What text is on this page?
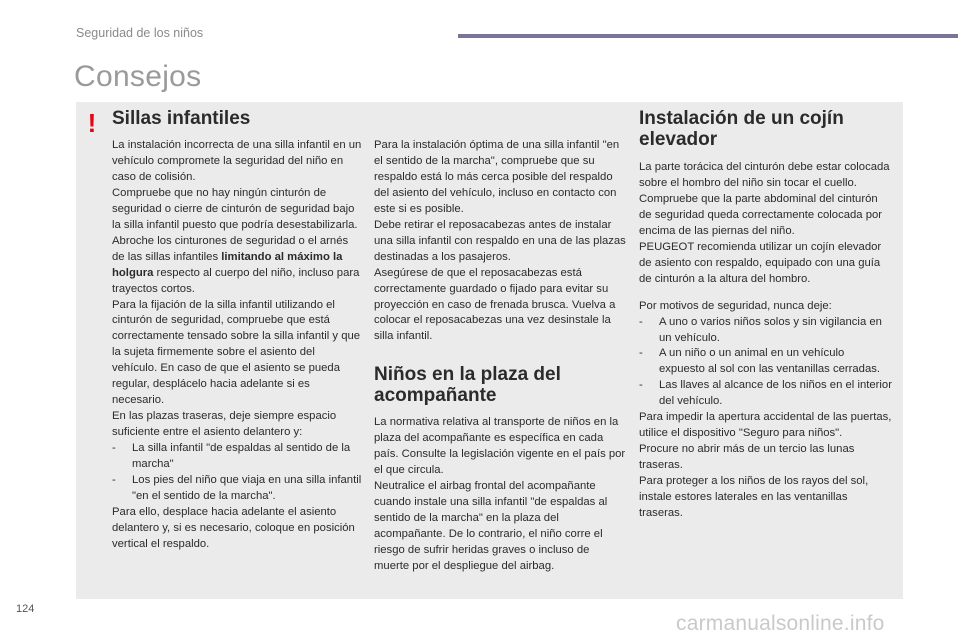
Seguridad de los niños
Consejos
! Sillas infantiles

La instalación incorrecta de una silla infantil en un vehículo compromete la seguridad del niño en caso de colisión.

Compruebe que no hay ningún cinturón de seguridad o cierre de cinturón de seguridad bajo la silla infantil puesto que podría desestabilizarla.

Abroche los cinturones de seguridad o el arnés de las sillas infantiles limitando al máximo la holgura respecto al cuerpo del niño, incluso para trayectos cortos.

Para la fijación de la silla infantil utilizando el cinturón de seguridad, compruebe que está correctamente tensado sobre la silla infantil y que la sujeta firmemente sobre el asiento del vehículo. En caso de que el asiento se pueda regular, desplácelo hacia adelante si es necesario.

En las plazas traseras, deje siempre espacio suficiente entre el asiento delantero y:

- La silla infantil "de espaldas al sentido de la marcha"
- Los pies del niño que viaja en una silla infantil "en el sentido de la marcha".

Para ello, desplace hacia adelante el asiento delantero y, si es necesario, coloque en posición vertical el respaldo.

Para la instalación óptima de una silla infantil "en el sentido de la marcha", compruebe que su respaldo está lo más cerca posible del respaldo del asiento del vehículo, incluso en contacto con este si es posible.

Debe retirar el reposacabezas antes de instalar una silla infantil con respaldo en una de las plazas destinadas a los pasajeros.

Asegúrese de que el reposacabezas está correctamente guardado o fijado para evitar su proyección en caso de frenada brusca. Vuelva a colocar el reposacabezas una vez desinstale la silla infantil.

Niños en la plaza del acompañante

La normativa relativa al transporte de niños en la plaza del acompañante es específica en cada país. Consulte la legislación vigente en el país por el que circula.

Neutralice el airbag frontal del acompañante cuando instale una silla infantil "de espaldas al sentido de la marcha" en la plaza del acompañante. De lo contrario, el niño corre el riesgo de sufrir heridas graves o incluso de muerte por el despliegue del airbag.

Instalación de un cojín elevador

La parte torácica del cinturón debe estar colocada sobre el hombro del niño sin tocar el cuello.

Compruebe que la parte abdominal del cinturón de seguridad queda correctamente colocada por encima de las piernas del niño.

PEUGEOT recomienda utilizar un cojín elevador de asiento con respaldo, equipado con una guía de cinturón a la altura del hombro.

Por motivos de seguridad, nunca deje:

- A uno o varios niños solos y sin vigilancia en un vehículo.
- A un niño o un animal en un vehículo expuesto al sol con las ventanillas cerradas.
- Las llaves al alcance de los niños en el interior del vehículo.

Para impedir la apertura accidental de las puertas, utilice el dispositivo "Seguro para niños".

Procure no abrir más de un tercio las lunas traseras.

Para proteger a los niños de los rayos del sol, instale estores laterales en las ventanillas traseras.

124
carmanualsonline.info
